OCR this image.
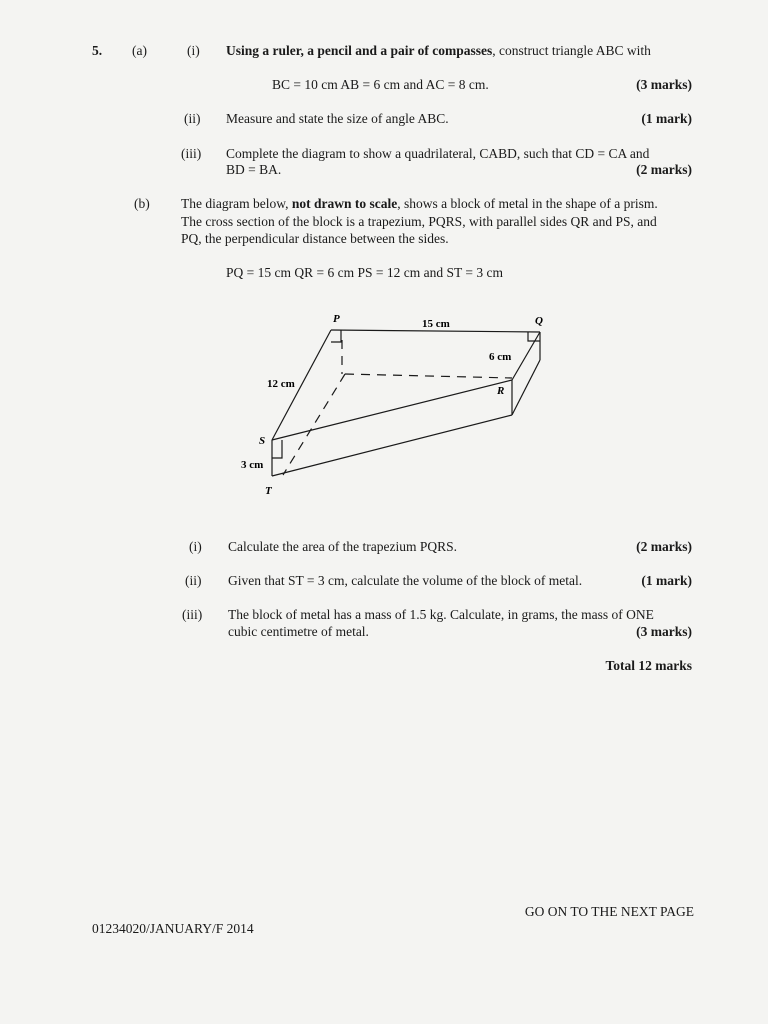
5. (a)	(i) Using a ruler, a pencil and a pair of compasses, construct triangle ABC with
BC = 10 cm AB = 6 cm and AC = 8 cm.	(3 marks)
(ii) Measure and state the size of angle ABC.	(1 mark)
(iii) Complete the diagram to show a quadrilateral, CABD, such that CD = CA and
BD = BA.	(2 marks)
(b) The diagram below, not drawn to scale, shows a block of metal in the shape of a prism.
The cross section of the block is a trapezium, PQRS, with parallel sides QR and PS, and
PQ, the perpendicular distance between the sides.
PQ = 15 cm QR = 6 cm PS = 12 cm and ST = 3 cm
P	Q
R
S
T
15 cm
6 cm
12 cm
3 cm
(i) Calculate the area of the trapezium PQRS.	(2 marks)
(ii) Given that ST = 3 cm, calculate the volume of the block of metal.	(1 mark)
(iii) The block of metal has a mass of 1.5 kg. Calculate, in grams, the mass of ONE
cubic centimetre of metal.	(3 marks)
Total 12 marks
GO ON TO THE NEXT PAGE
01234020/JANUARY/F 2014
